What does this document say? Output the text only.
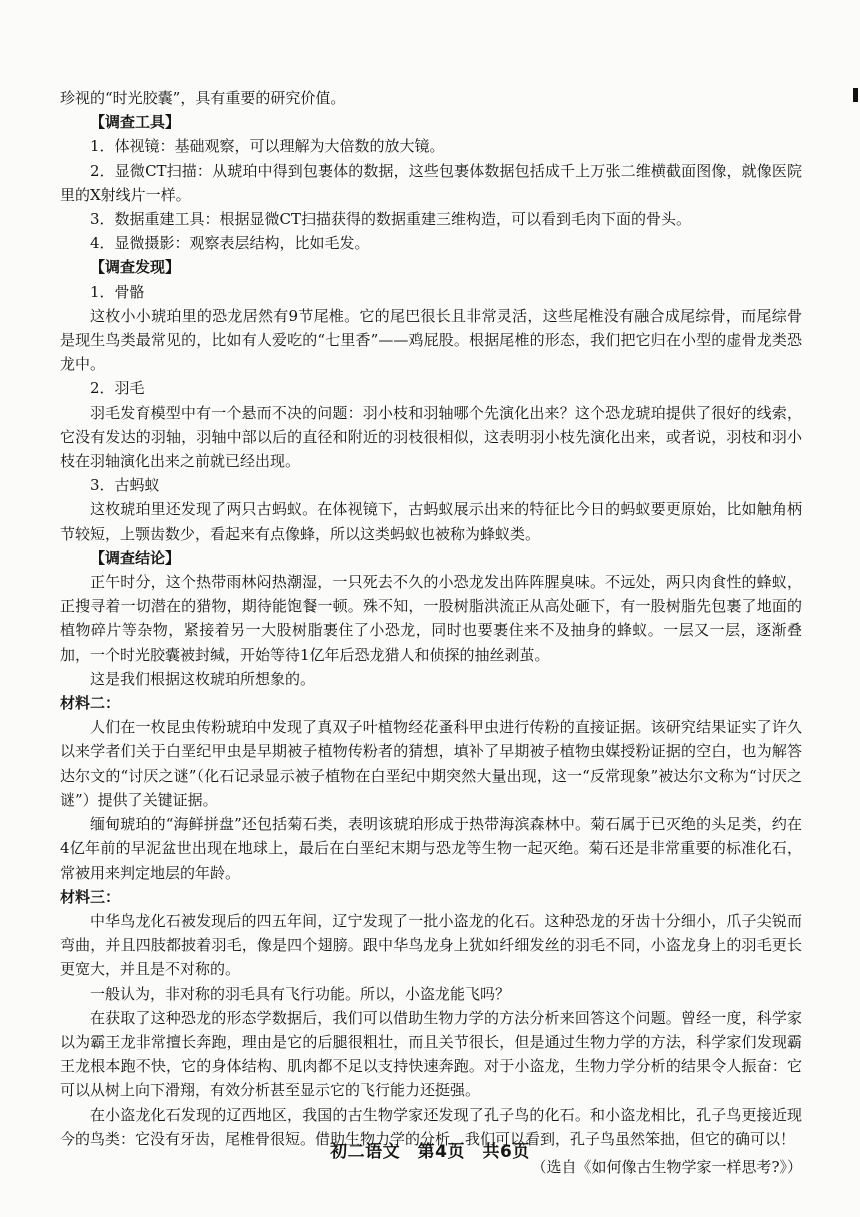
珍视的“时光胶囊”，具有重要的研究价值。

【调查工具】

1．体视镜：基础观察，可以理解为大倍数的放大镜。

2．显微CT扫描：从琥珀中得到包裹体的数据，这些包裹体数据包括成千上万张二维横截面图像，就像医院里的X射线片一样。

3．数据重建工具：根据显微CT扫描获得的数据重建三维构造，可以看到毛肉下面的骨头。

4．显微摄影：观察表层结构，比如毛发。

【调查发现】

1．骨骼

这枚小小琥珀里的恐龙居然有9节尾椎。它的尾巴很长且非常灵活，这些尾椎没有融合成尾综骨，而尾综骨是现生鸟类最常见的，比如有人爱吃的“七里香”——鸡屁股。根据尾椎的形态，我们把它归在小型的虚骨龙类恐龙中。

2．羽毛

羽毛发育模型中有一个悬而不决的问题：羽小枝和羽轴哪个先演化出来？这个恐龙琥珀提供了很好的线索，它没有发达的羽轴，羽轴中部以后的直径和附近的羽枝很相似，这表明羽小枝先演化出来，或者说，羽枝和羽小枝在羽轴演化出来之前就已经出现。

3．古蚂蚁

这枚琥珀里还发现了两只古蚂蚁。在体视镜下，古蚂蚁展示出来的特征比今日的蚂蚁要更原始，比如触角柄节较短，上颚齿数少，看起来有点像蜂，所以这类蚂蚁也被称为蜂蚁类。

【调查结论】

正午时分，这个热带雨林闷热潮湿，一只死去不久的小恐龙发出阵阵腥臭味。不远处，两只肉食性的蜂蚁，正搜寻着一切潜在的猎物，期待能饱餐一顿。殊不知，一股树脂洪流正从高处砸下，有一股树脂先包裹了地面的植物碎片等杂物，紧接着另一大股树脂裹住了小恐龙，同时也要裹住来不及抽身的蜂蚁。一层又一层，逐渐叠加，一个时光胶囊被封缄，开始等待1亿年后恐龙猎人和侦探的抽丝剥茧。

这是我们根据这枚琥珀所想象的。

材料二：

人们在一枚昆虫传粉琥珀中发现了真双子叶植物经花蚤科甲虫进行传粉的直接证据。该研究结果证实了许久以来学者们关于白垩纪甲虫是早期被子植物传粉者的猜想，填补了早期被子植物虫媒授粉证据的空白，也为解答达尔文的“讨厌之谜”（化石记录显示被子植物在白垩纪中期突然大量出现，这一“反常现象”被达尔文称为“讨厌之谜”）提供了关键证据。

缅甸琥珀的“海鲜拼盘”还包括菊石类，表明该琥珀形成于热带海滨森林中。菊石属于已灭绝的头足类，约在4亿年前的早泥盆世出现在地球上，最后在白垩纪末期与恐龙等生物一起灭绝。菊石还是非常重要的标准化石，常被用来判定地层的年龄。

材料三：

中华鸟龙化石被发现后的四五年间，辽宁发现了一批小盗龙的化石。这种恐龙的牙齿十分细小，爪子尖锐而弯曲，并且四肢都披着羽毛，像是四个翅膀。跟中华鸟龙身上犹如纤细发丝的羽毛不同，小盗龙身上的羽毛更长更宽大，并且是不对称的。

一般认为，非对称的羽毛具有飞行功能。所以，小盗龙能飞吗？

在获取了这种恐龙的形态学数据后，我们可以借助生物力学的方法分析来回答这个问题。曾经一度，科学家以为霸王龙非常擅长奔跑，理由是它的后腿很粗壮，而且关节很长，但是通过生物力学的方法，科学家们发现霸王龙根本跑不快，它的身体结构、肌肉都不足以支持快速奔跑。对于小盗龙，生物力学分析的结果令人振奋：它可以从树上向下滑翔，有效分析甚至显示它的飞行能力还挺强。

在小盗龙化石发现的辽西地区，我国的古生物学家还发现了孔子鸟的化石。和小盗龙相比，孔子鸟更接近现今的鸟类：它没有牙齿，尾椎骨很短。借助生物力学的分析，我们可以看到，孔子鸟虽然笨拙，但它的确可以！

（选自《如何像古生物学家一样思考?》）

初二语文　第4页　共6页
